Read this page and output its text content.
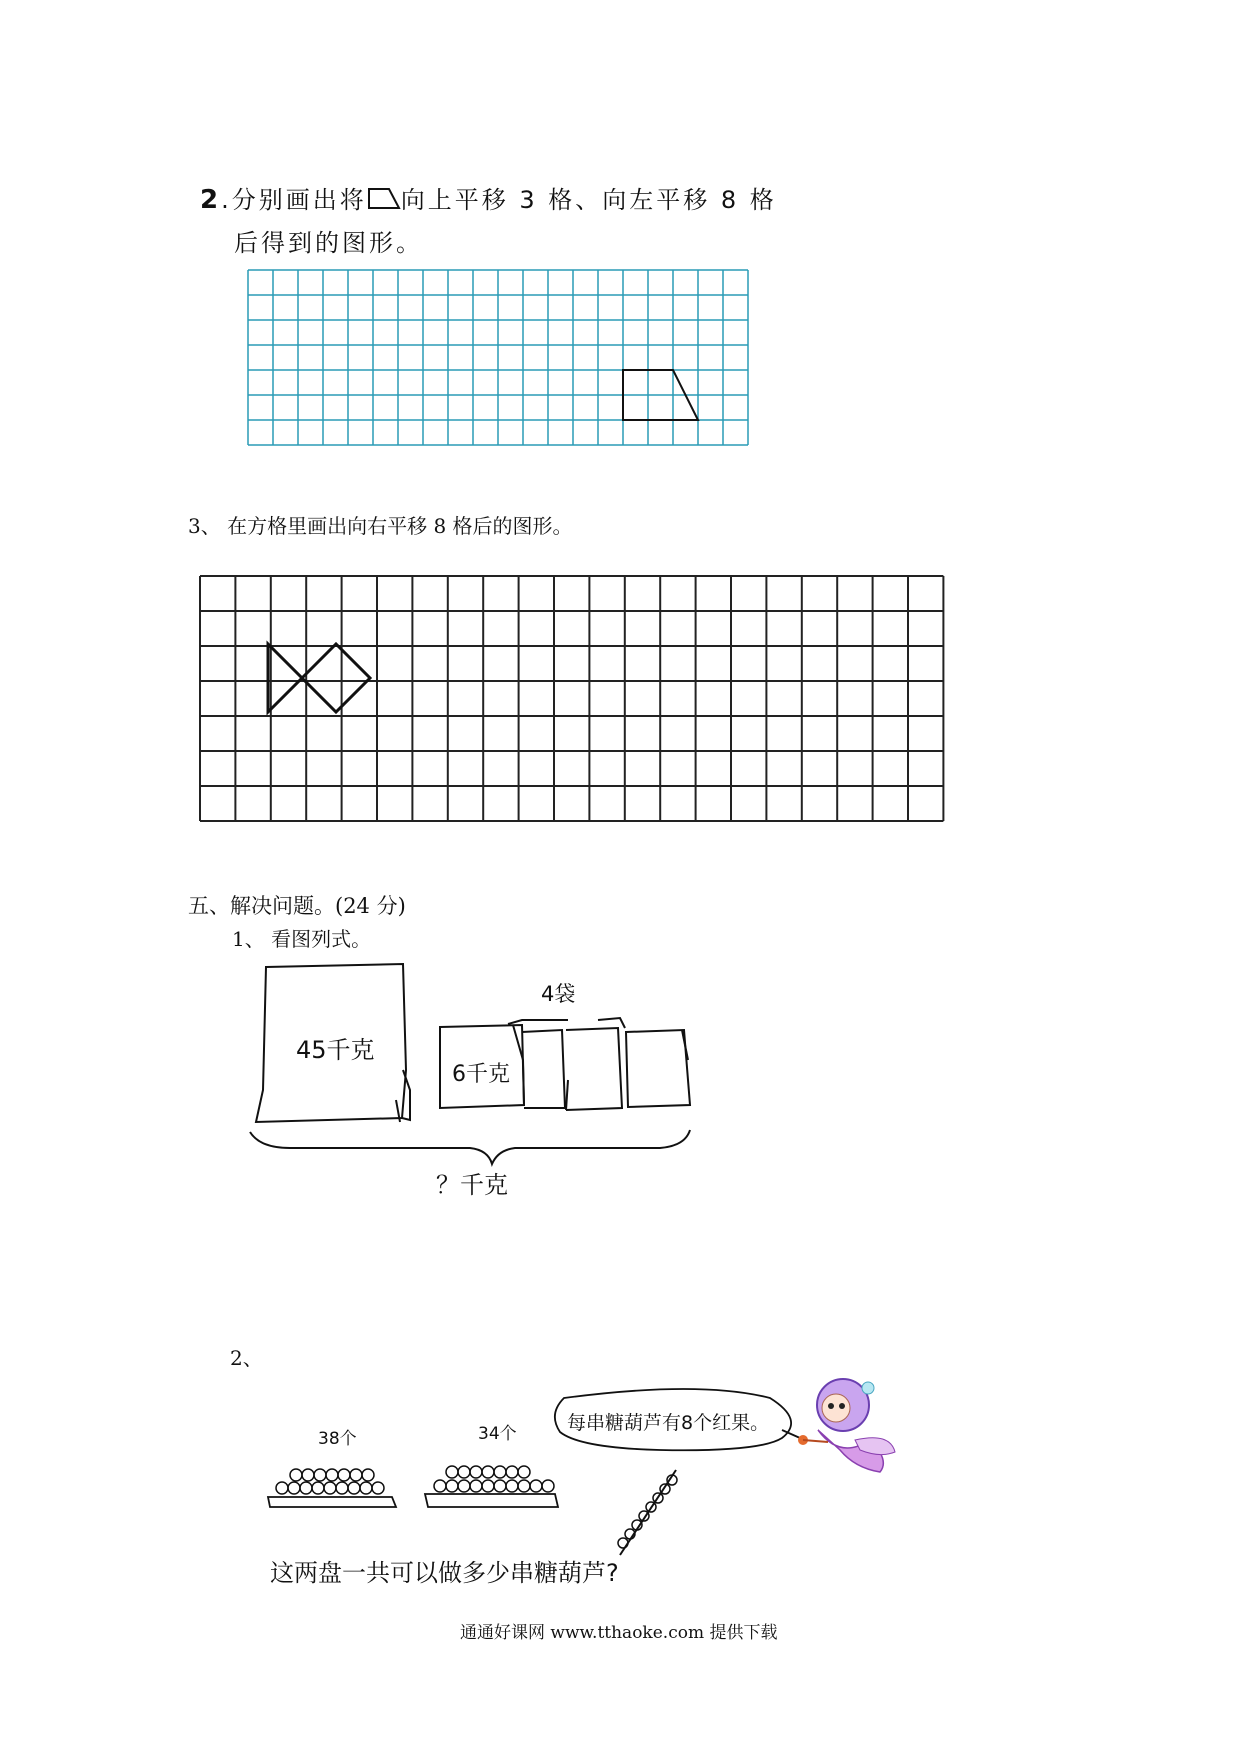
2.分别画出将 向上平移 3 格、向左平移 8 格
后得到的图形。
3、 在方格里画出向右平移 8 格后的图形。
五、解决问题。(24 分)
1、 看图列式。
45千克
6千克
4袋
？千克
2、
38个	34个	每串糖葫芦有8个红果。
这两盘一共可以做多少串糖葫芦?
通通好课网 www.tthaoke.com 提供下载
